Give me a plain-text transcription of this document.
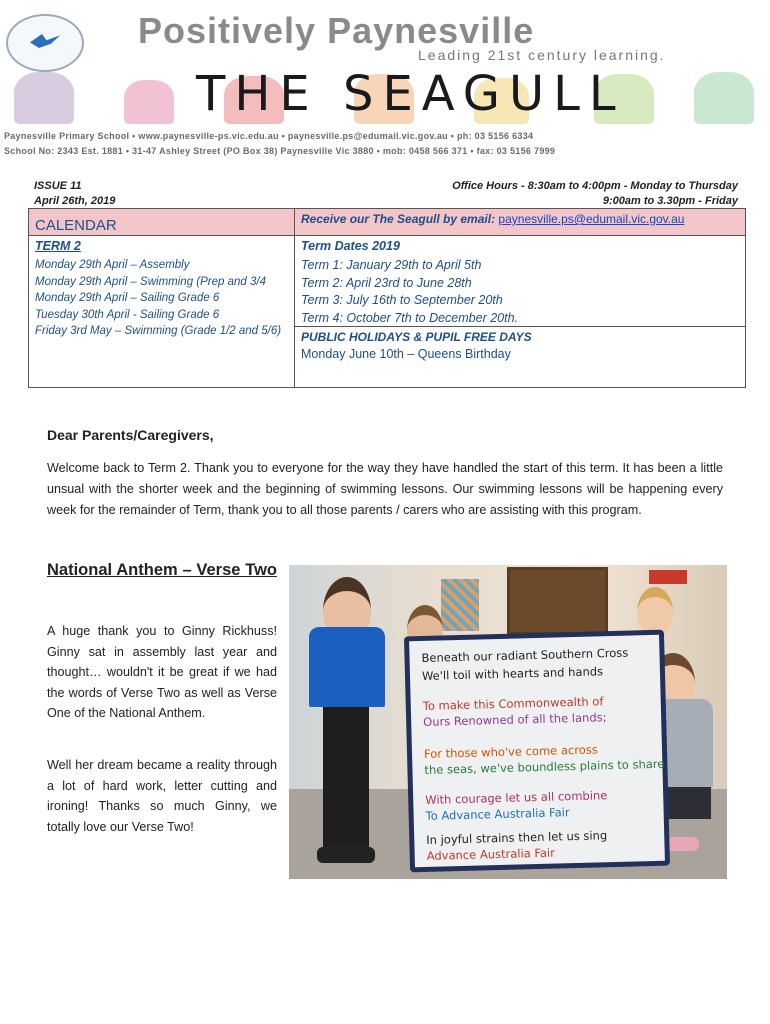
Positively Paynesville
Leading 21st century learning.
THE SEAGULL
Paynesville Primary School • www.paynesville-ps.vic.edu.au • paynesville.ps@edumail.vic.gov.au • ph: 03 5156 6334
School No: 2343 Est. 1881 • 31-47 Ashley Street (PO Box 38) Paynesville Vic 3880 • mob: 0458 566 371 • fax: 03 5156 7999
ISSUE 11
April 26th, 2019
Office Hours - 8:30am to 4:00pm - Monday to Thursday
9:00am to 3.30pm - Friday
CALENDAR	Receive our The Seagull by email: paynesville.ps@edumail.vic.gov.au
TERM 2
Monday 29th April – Assembly
Monday 29th April – Swimming (Prep and 3/4
Monday 29th April – Sailing Grade 6
Tuesday 30th April - Sailing Grade 6
Friday 3rd May – Swimming (Grade 1/2 and 5/6)
Term Dates 2019
Term 1: January 29th to April 5th
Term 2: April 23rd to June 28th
Term 3: July 16th to September 20th
Term 4: October 7th to December 20th.
PUBLIC HOLIDAYS & PUPIL FREE DAYS
Monday June 10th – Queens Birthday
Dear Parents/Caregivers,
Welcome back to Term 2. Thank you to everyone for the way they have handled the start of this term. It has been a little unsual with the shorter week and the beginning of swimming lessons. Our swimming lessons will be happening every week for the remainder of Term, thank you to all those parents / carers who are assisting with this program.
National Anthem – Verse Two
A huge thank you to Ginny Rickhuss! Ginny sat in assembly last year and thought… wouldn't it be great if we had the words of Verse Two as well as Verse One of the National Anthem.
Well her dream became a reality through a lot of hard work, letter cutting and ironing! Thanks so much Ginny, we totally love our Verse Two!
Beneath our radiant Southern Cross
We'll toil with hearts and hands
To make this Commonwealth of
Ours Renowned of all the lands;
For those who've come across
the seas, we've boundless plains to share
With courage let us all combine
To Advance Australia Fair
In joyful strains then let us sing
Advance Australia Fair
